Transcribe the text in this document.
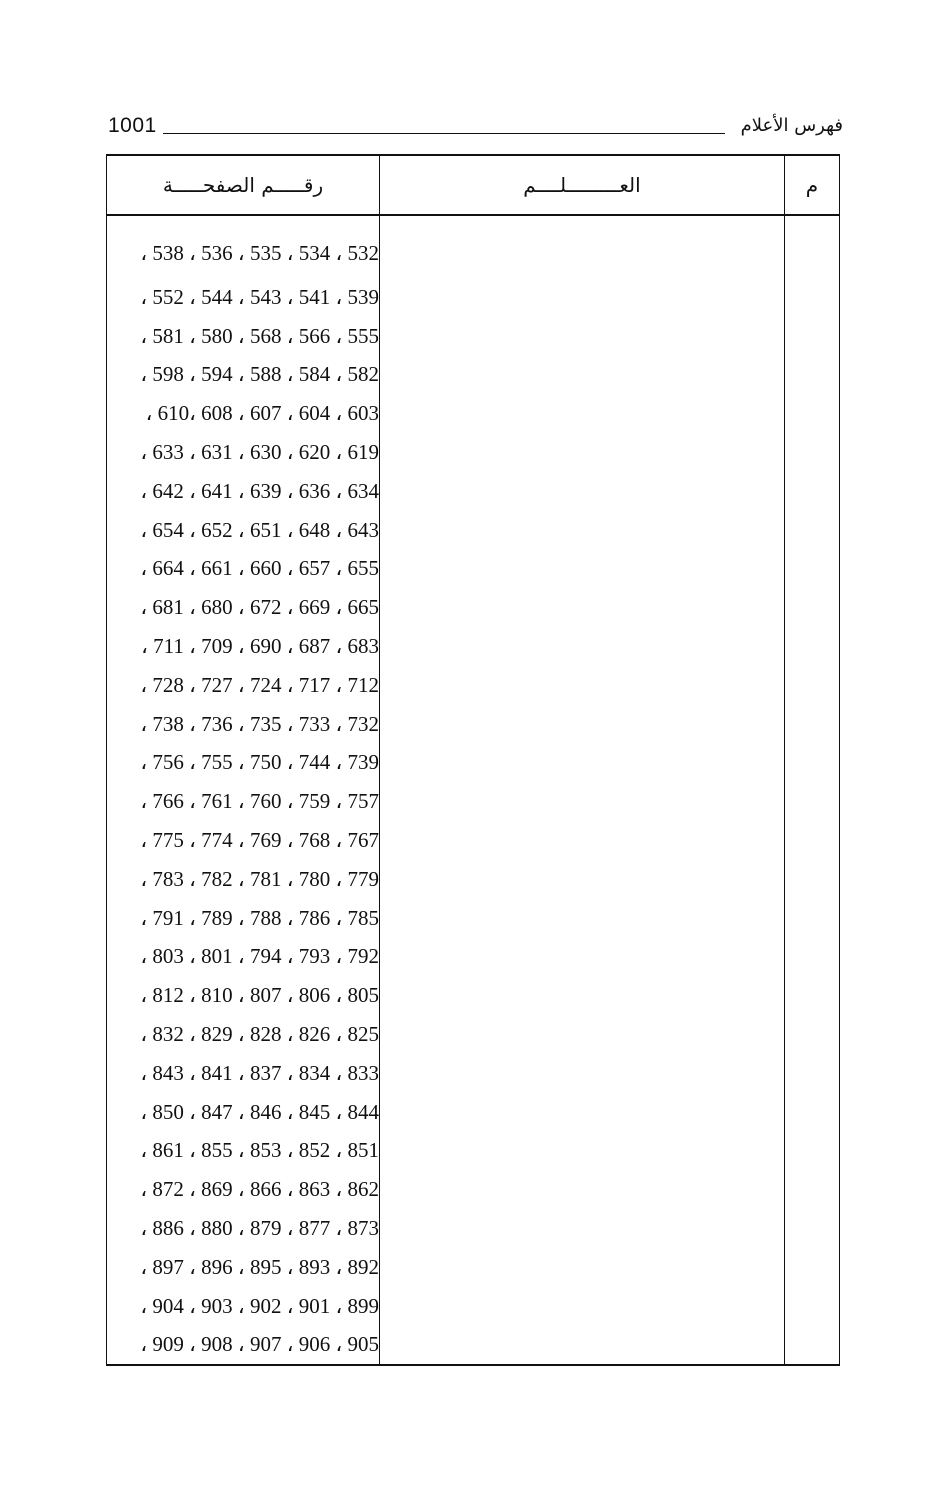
1001	فهرس الأعلام
م	العـــــــــلــــم	رقـــــم الصفحـــــة
		532 ، 534 ، 535 ، 536 ، 538 ،
		539 ، 541 ، 543 ، 544 ، 552 ،
		555 ، 566 ، 568 ، 580 ، 581 ،
		582 ، 584 ، 588 ، 594 ، 598 ،
		603 ، 604 ، 607 ، 608 ،610 ،
		619 ، 620 ، 630 ، 631 ، 633 ،
		634 ، 636 ، 639 ، 641 ، 642 ،
		643 ، 648 ، 651 ، 652 ، 654 ،
		655 ، 657 ، 660 ، 661 ، 664 ،
		665 ، 669 ، 672 ، 680 ، 681 ،
		683 ، 687 ، 690 ، 709 ، 711 ،
		712 ، 717 ، 724 ، 727 ، 728 ،
		732 ، 733 ، 735 ، 736 ، 738 ،
		739 ، 744 ، 750 ، 755 ، 756 ،
		757 ، 759 ، 760 ، 761 ، 766 ،
		767 ، 768 ، 769 ، 774 ، 775 ،
		779 ، 780 ، 781 ، 782 ، 783 ،
		785 ، 786 ، 788 ، 789 ، 791 ،
		792 ، 793 ، 794 ، 801 ، 803 ،
		805 ، 806 ، 807 ، 810 ، 812 ،
		825 ، 826 ، 828 ، 829 ، 832 ،
		833 ، 834 ، 837 ، 841 ، 843 ،
		844 ، 845 ، 846 ، 847 ، 850 ،
		851 ، 852 ، 853 ، 855 ، 861 ،
		862 ، 863 ، 866 ، 869 ، 872 ،
		873 ، 877 ، 879 ، 880 ، 886 ،
		892 ، 893 ، 895 ، 896 ، 897 ،
		899 ، 901 ، 902 ، 903 ، 904 ،
		905 ، 906 ، 907 ، 908 ، 909 ،
